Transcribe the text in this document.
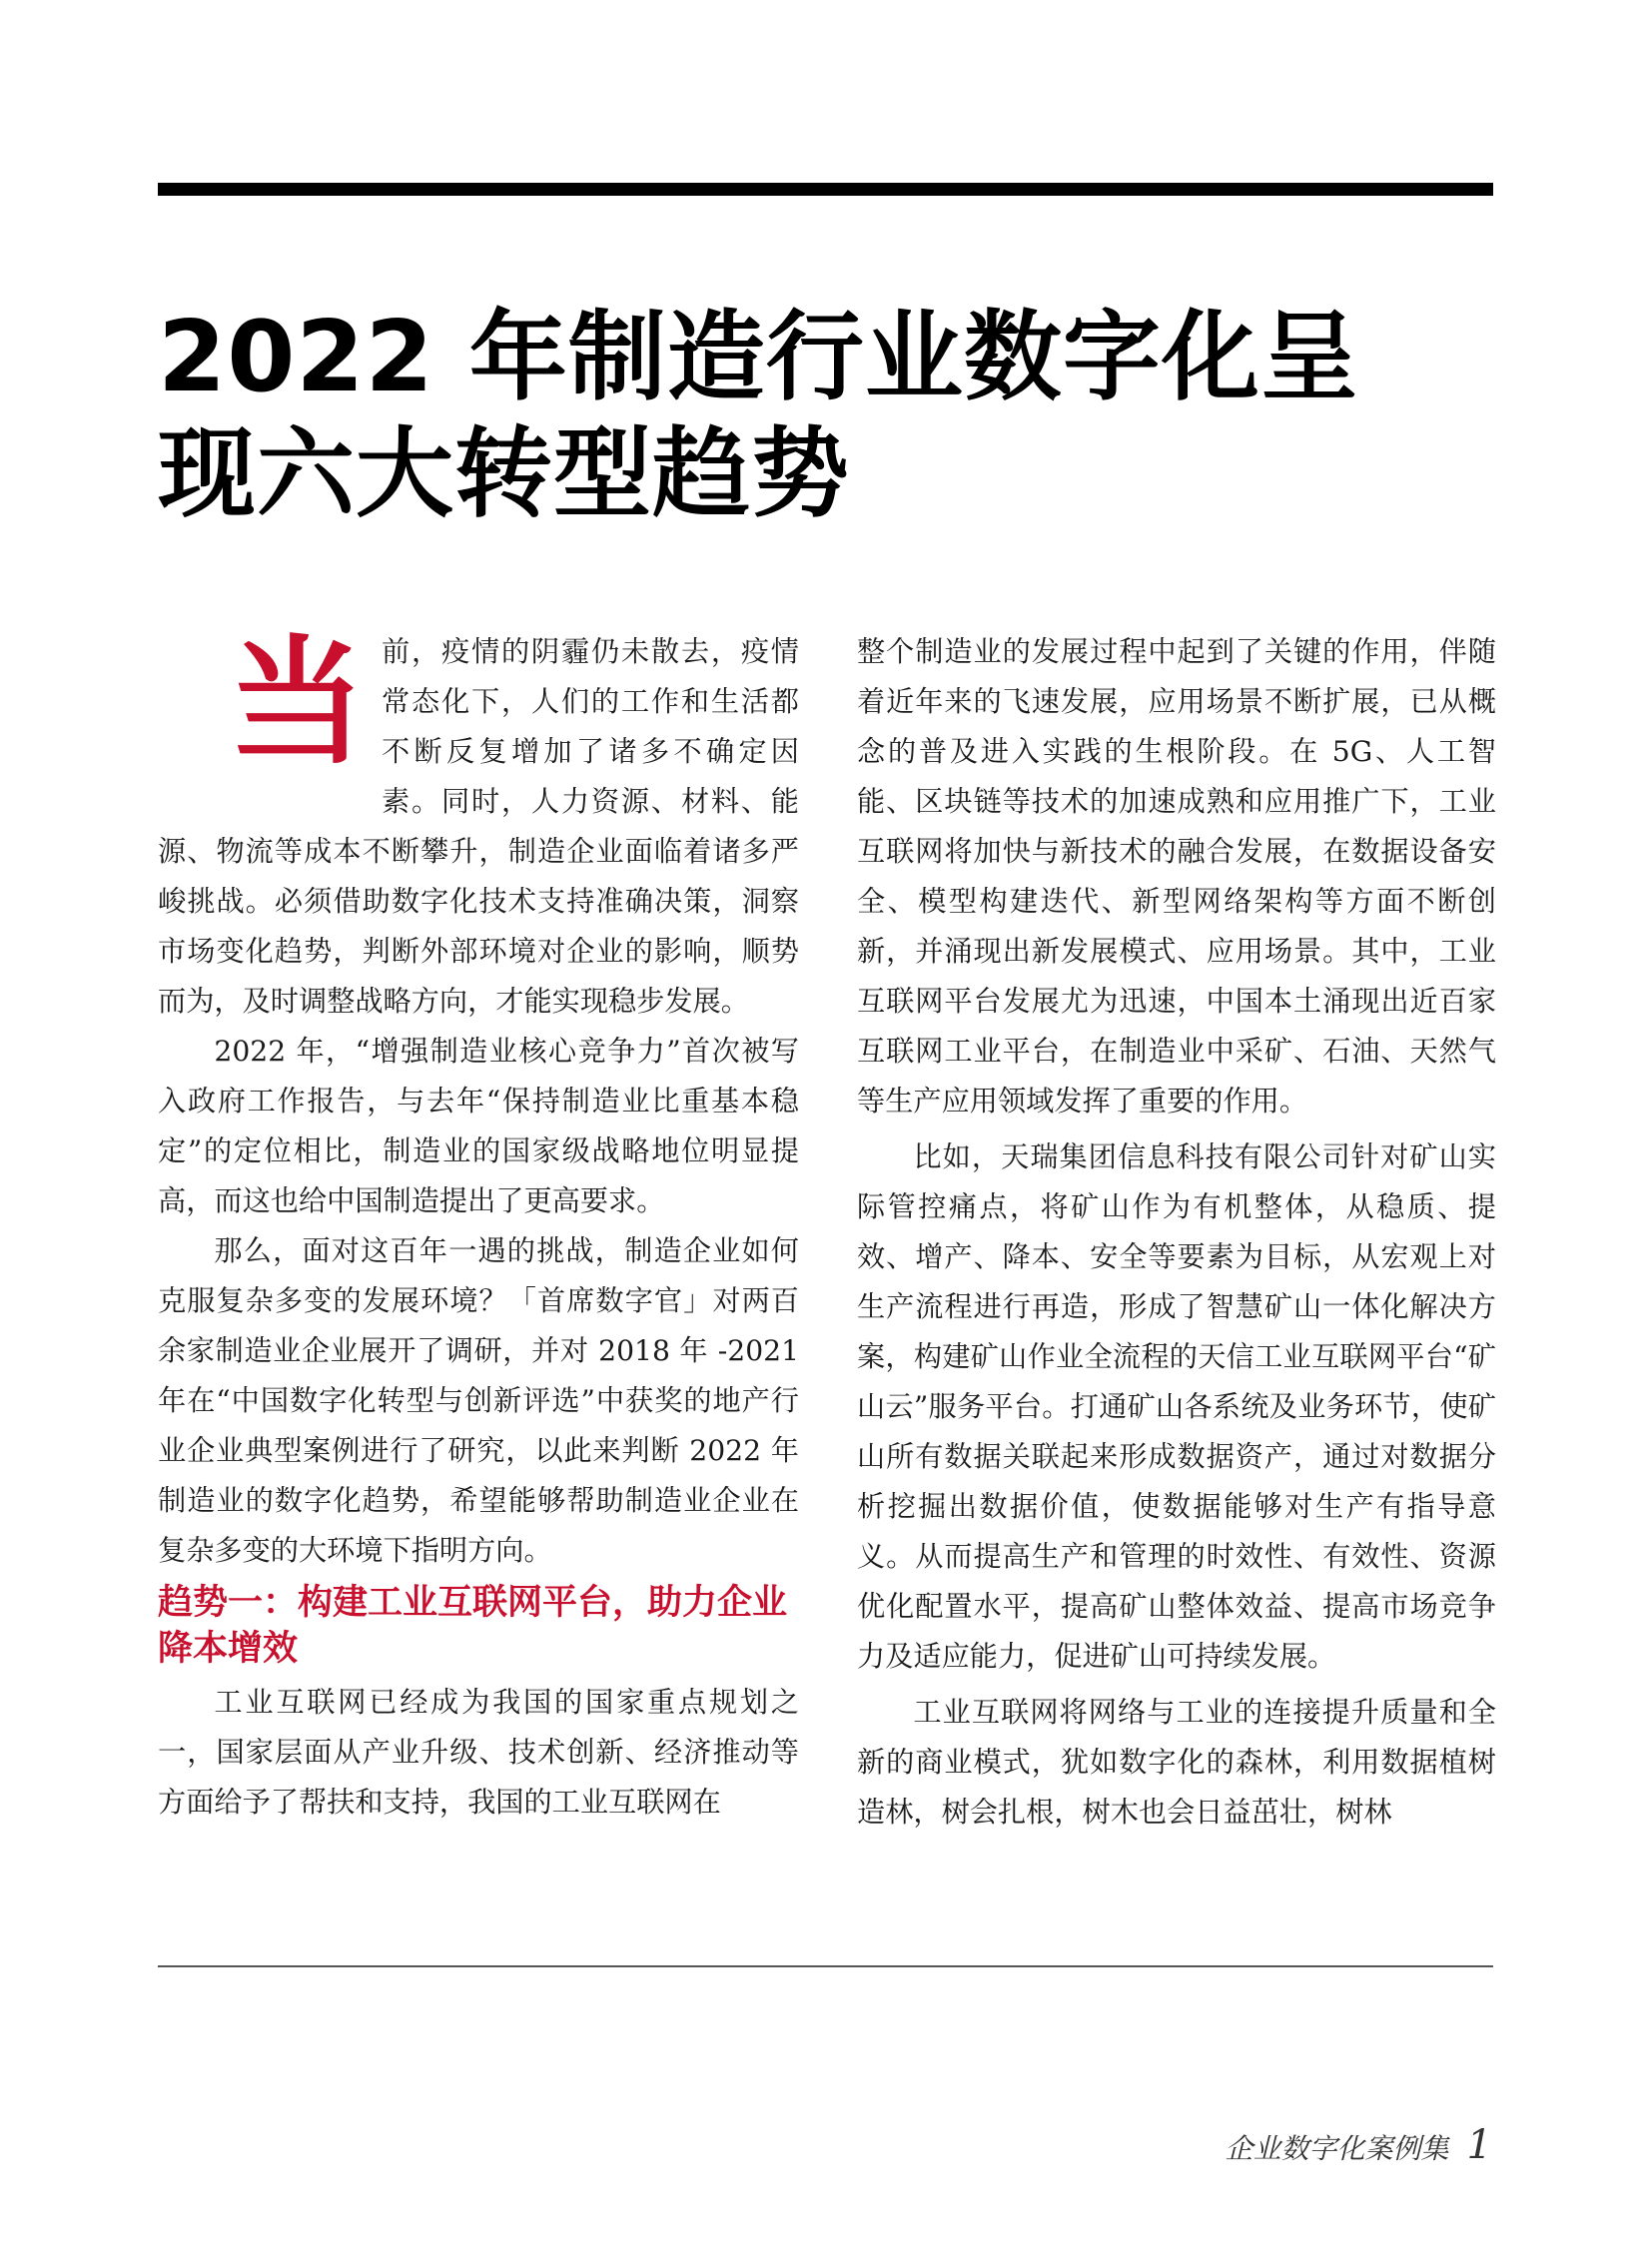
2022 年制造行业数字化呈
现六大转型趋势
当 前，疫情的阴霾仍未散去，疫情常态化下，人们的工作和生活都不断反复增加了诸多不确定因素。同时，人力资源、材料、能源、物流等成本不断攀升，制造企业面临着诸多严峻挑战。必须借助数字化技术支持准确决策，洞察市场变化趋势，判断外部环境对企业的影响，顺势而为，及时调整战略方向，才能实现稳步发展。

2022 年，“增强制造业核心竞争力”首次被写入政府工作报告，与去年“保持制造业比重基本稳定”的定位相比，制造业的国家级战略地位明显提高，而这也给中国制造提出了更高要求。

那么，面对这百年一遇的挑战，制造企业如何克服复杂多变的发展环境？「首席数字官」对两百余家制造业企业展开了调研，并对 2018 年 -2021 年在“中国数字化转型与创新评选”中获奖的地产行业企业典型案例进行了研究，以此来判断 2022 年制造业的数字化趋势，希望能够帮助制造业企业在复杂多变的大环境下指明方向。

趋势一：构建工业互联网平台，助力企业降本增效

工业互联网已经成为我国的国家重点规划之一，国家层面从产业升级、技术创新、经济推动等方面给予了帮扶和支持，我国的工业互联网在

整个制造业的发展过程中起到了关键的作用，伴随着近年来的飞速发展，应用场景不断扩展，已从概念的普及进入实践的生根阶段。在 5G、人工智能、区块链等技术的加速成熟和应用推广下，工业互联网将加快与新技术的融合发展，在数据设备安全、模型构建迭代、新型网络架构等方面不断创新，并涌现出新发展模式、应用场景。其中，工业互联网平台发展尤为迅速，中国本土涌现出近百家互联网工业平台，在制造业中采矿、石油、天然气等生产应用领域发挥了重要的作用。

比如，天瑞集团信息科技有限公司针对矿山实际管控痛点，将矿山作为有机整体，从稳质、提效、增产、降本、安全等要素为目标，从宏观上对生产流程进行再造，形成了智慧矿山一体化解决方案，构建矿山作业全流程的天信工业互联网平台“矿山云”服务平台。打通矿山各系统及业务环节，使矿山所有数据关联起来形成数据资产，通过对数据分析挖掘出数据价值，使数据能够对生产有指导意义。从而提高生产和管理的时效性、有效性、资源优化配置水平，提高矿山整体效益、提高市场竞争力及适应能力，促进矿山可持续发展。

工业互联网将网络与工业的连接提升质量和全新的商业模式，犹如数字化的森林，利用数据植树造林，树会扎根，树木也会日益茁壮，树林

企业数字化案例集 1
